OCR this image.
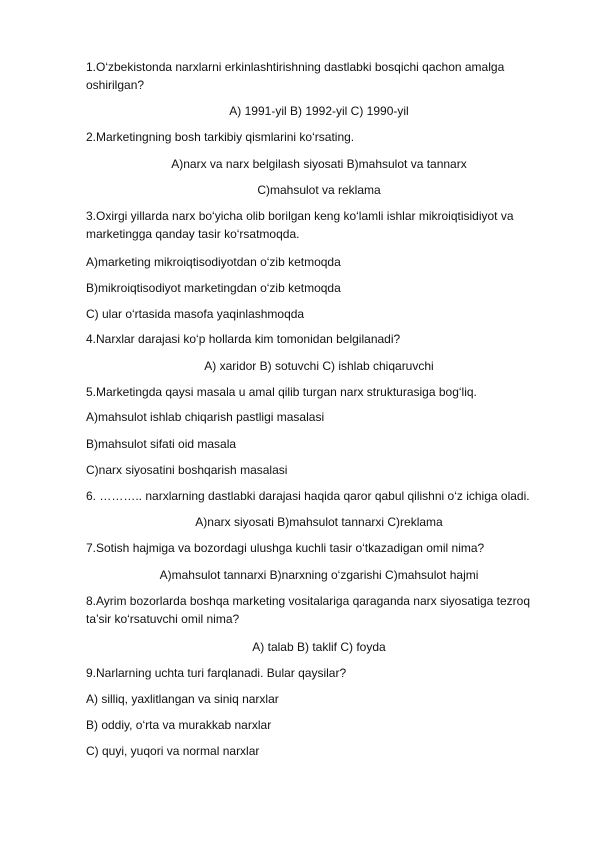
1.O‘zbekistonda narxlarni erkinlashtirishning dastlabki bosqichi qachon amalga oshirilgan?
A) 1991-yil B) 1992-yil C) 1990-yil
2.Marketingning bosh tarkibiy qismlarini ko‘rsating.
A)narx va narx belgilash siyosati B)mahsulot va tannarx
C)mahsulot va reklama
3.Oxirgi yillarda narx bo‘yicha olib borilgan keng ko‘lamli ishlar mikroiqtisidiyot va marketingga qanday tasir ko‘rsatmoqda.
A)marketing mikroiqtisodiyotdan o‘zib ketmoqda
B)mikroiqtisodiyot marketingdan o‘zib ketmoqda
C) ular o‘rtasida masofa yaqinlashmoqda
4.Narxlar darajasi ko‘p hollarda kim tomonidan belgilanadi?
A) xaridor B) sotuvchi C) ishlab chiqaruvchi
5.Marketingda qaysi masala u amal qilib turgan narx strukturasiga bog‘liq.
A)mahsulot ishlab chiqarish pastligi masalasi
B)mahsulot sifati oid masala
C)narx siyosatini boshqarish masalasi
6. ……….. narxlarning dastlabki darajasi haqida qaror qabul qilishni o‘z ichiga oladi.
A)narx siyosati B)mahsulot tannarxi C)reklama
7.Sotish hajmiga va bozordagi ulushga kuchli tasir o‘tkazadigan omil nima?
A)mahsulot tannarxi B)narxning o‘zgarishi C)mahsulot hajmi
8.Ayrim bozorlarda boshqa marketing vositalariga qaraganda narx siyosatiga tezroq ta’sir ko‘rsatuvchi omil nima?
A) talab B) taklif C) foyda
9.Narlarning uchta turi farqlanadi. Bular qaysilar?
A) silliq, yaxlitlangan va siniq narxlar
B) oddiy, o‘rta va murakkab narxlar
C) quyi, yuqori va normal narxlar
